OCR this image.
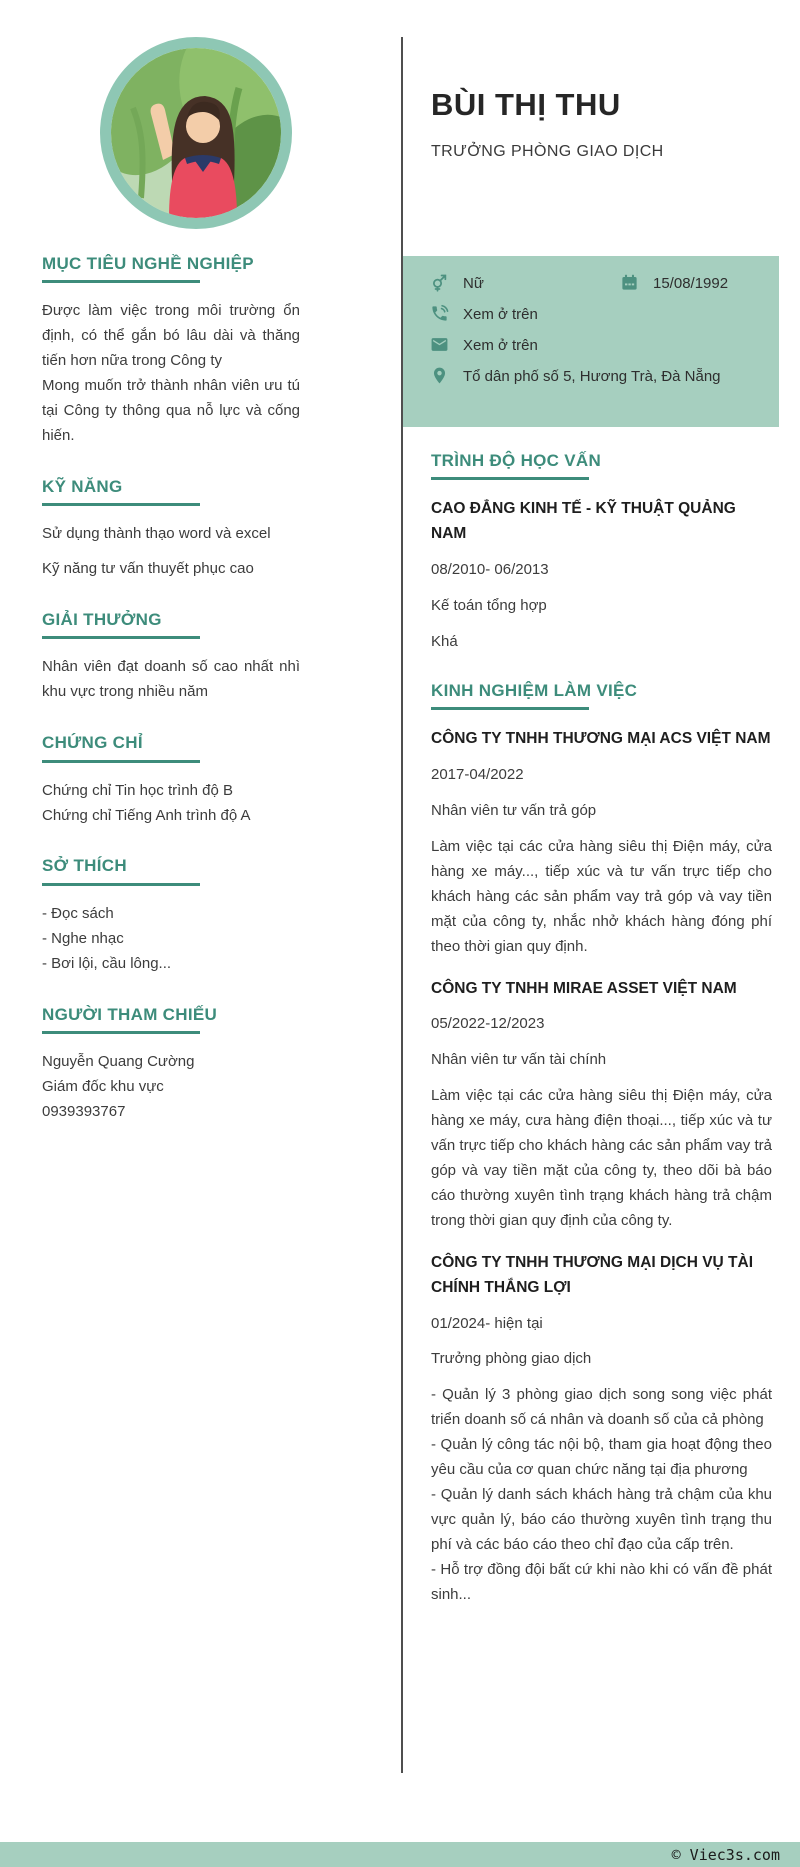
MỤC TIÊU NGHỀ NGHIỆP
Được làm việc trong môi trường ổn định, có thể gắn bó lâu dài và thăng tiến hơn nữa trong Công ty
Mong muốn trở thành nhân viên ưu tú tại Công ty thông qua nỗ lực và cống hiến.
KỸ NĂNG
Sử dụng thành thạo word và excel
Kỹ năng tư vấn thuyết phục cao
GIẢI THƯỞNG
Nhân viên đạt doanh số cao nhất nhì khu vực trong nhiều năm
CHỨNG CHỈ
Chứng chỉ Tin học trình độ B
Chứng chỉ Tiếng Anh trình độ A
SỞ THÍCH
- Đọc sách
- Nghe nhạc
- Bơi lội, cầu lông...
NGƯỜI THAM CHIẾU
Nguyễn Quang Cường
Giám đốc khu vực
0939393767
BÙI THỊ THU
TRƯỞNG PHÒNG GIAO DỊCH
Nữ	15/08/1992
Xem ở trên
Xem ở trên
Tổ dân phố số 5, Hương Trà, Đà Nẵng
TRÌNH ĐỘ HỌC VẤN
CAO ĐẲNG KINH TẾ - KỸ THUẬT QUẢNG NAM
08/2010- 06/2013
Kế toán tổng hợp
Khá
KINH NGHIỆM LÀM VIỆC
CÔNG TY TNHH THƯƠNG MẠI ACS VIỆT NAM
2017-04/2022
Nhân viên tư vấn trả góp
Làm việc tại các cửa hàng siêu thị Điện máy, cửa hàng xe máy..., tiếp xúc và tư vấn trực tiếp cho khách hàng các sản phẩm vay trả góp và vay tiền mặt của công ty, nhắc nhở khách hàng đóng phí theo thời gian quy định.
CÔNG TY TNHH MIRAE ASSET VIỆT NAM
05/2022-12/2023
Nhân viên tư vấn tài chính
Làm việc tại các cửa hàng siêu thị Điện máy, cửa hàng xe máy, cưa hàng điện thoại..., tiếp xúc và tư vấn trực tiếp cho khách hàng các sản phẩm vay trả góp và vay tiền mặt của công ty, theo dõi bà báo cáo thường xuyên tình trạng khách hàng trả chậm trong thời gian quy định của công ty.
CÔNG TY TNHH THƯƠNG MẠI DỊCH VỤ TÀI CHÍNH THẮNG LỢI
01/2024- hiện tại
Trưởng phòng giao dịch
- Quản lý 3 phòng giao dịch song song việc phát triển doanh số cá nhân và doanh số của cả phòng
- Quản lý công tác nội bộ, tham gia hoạt động theo yêu cầu của cơ quan chức năng tại địa phương
- Quản lý danh sách khách hàng trả chậm của khu vực quản lý, báo cáo thường xuyên tình trạng thu phí và các báo cáo theo chỉ đạo của cấp trên.
- Hỗ trợ đồng đội bất cứ khi nào khi có vấn đề phát sinh...
© Viec3s.com
